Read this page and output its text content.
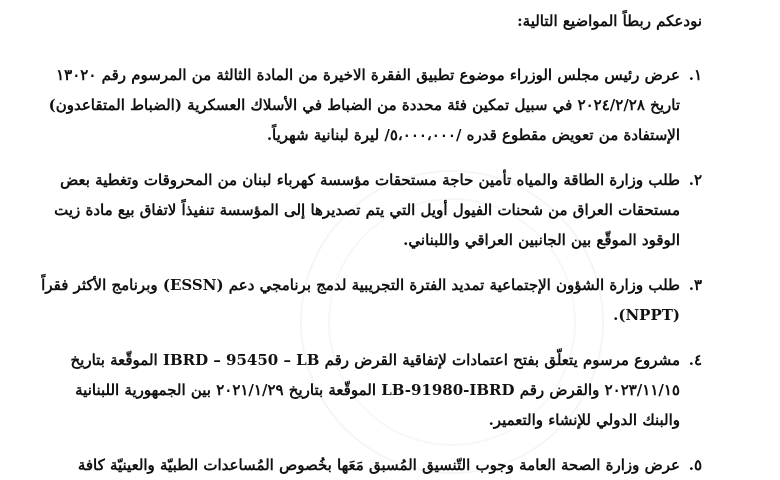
نودعكم ربطاً المواضيع التالية:

١.
عرض رئيس مجلس الوزراء موضوع تطبيق الفقرة الاخيرة من المادة الثالثة من المرسوم رقم ١٣٠٢٠
تاريخ ٢٠٢٤/٢/٢٨ في سبيل تمكين فئة محددة من الضباط في الأسلاك العسكرية (الضباط المتقاعدون)
الإستفادة من تعويض مقطوع قدره /٥،٠٠٠،٠٠٠/ ليرة لبنانية شهرياً.
٢.
طلب وزارة الطاقة والمياه تأمين حاجة مستحقات مؤسسة كهرباء لبنان من المحروقات وتغطية بعض
مستحقات العراق من شحنات الفيول أويل التي يتم تصديرها إلى المؤسسة تنفيذاً لاتفاق بيع مادة زيت
الوقود الموقّع بين الجانبين العراقي واللبناني.
٣.
طلب وزارة الشؤون الإجتماعية تمديد الفترة التجريبية لدمج برنامجي دعم (ESSN) وبرنامج الأكثر فقراً
(NPPT).
٤.
مشروع مرسوم يتعلّق بفتح اعتمادات لإتفاقية القرض رقم IBRD – 95450 – LB الموقّعة بتاريخ
٢٠٢٣/١١/١٥ والقرض رقم LB-91980-IBRD الموقّعة بتاريخ ٢٠٢١/١/٢٩ بين الجمهورية اللبنانية
والبنك الدولي للإنشاء والتعمير.
٥.
عرض وزارة الصحة العامة وجوب التّنسيق المُسبق مَعَها بخُصوص المُساعدات الطبيّة والعينيّة كافة
